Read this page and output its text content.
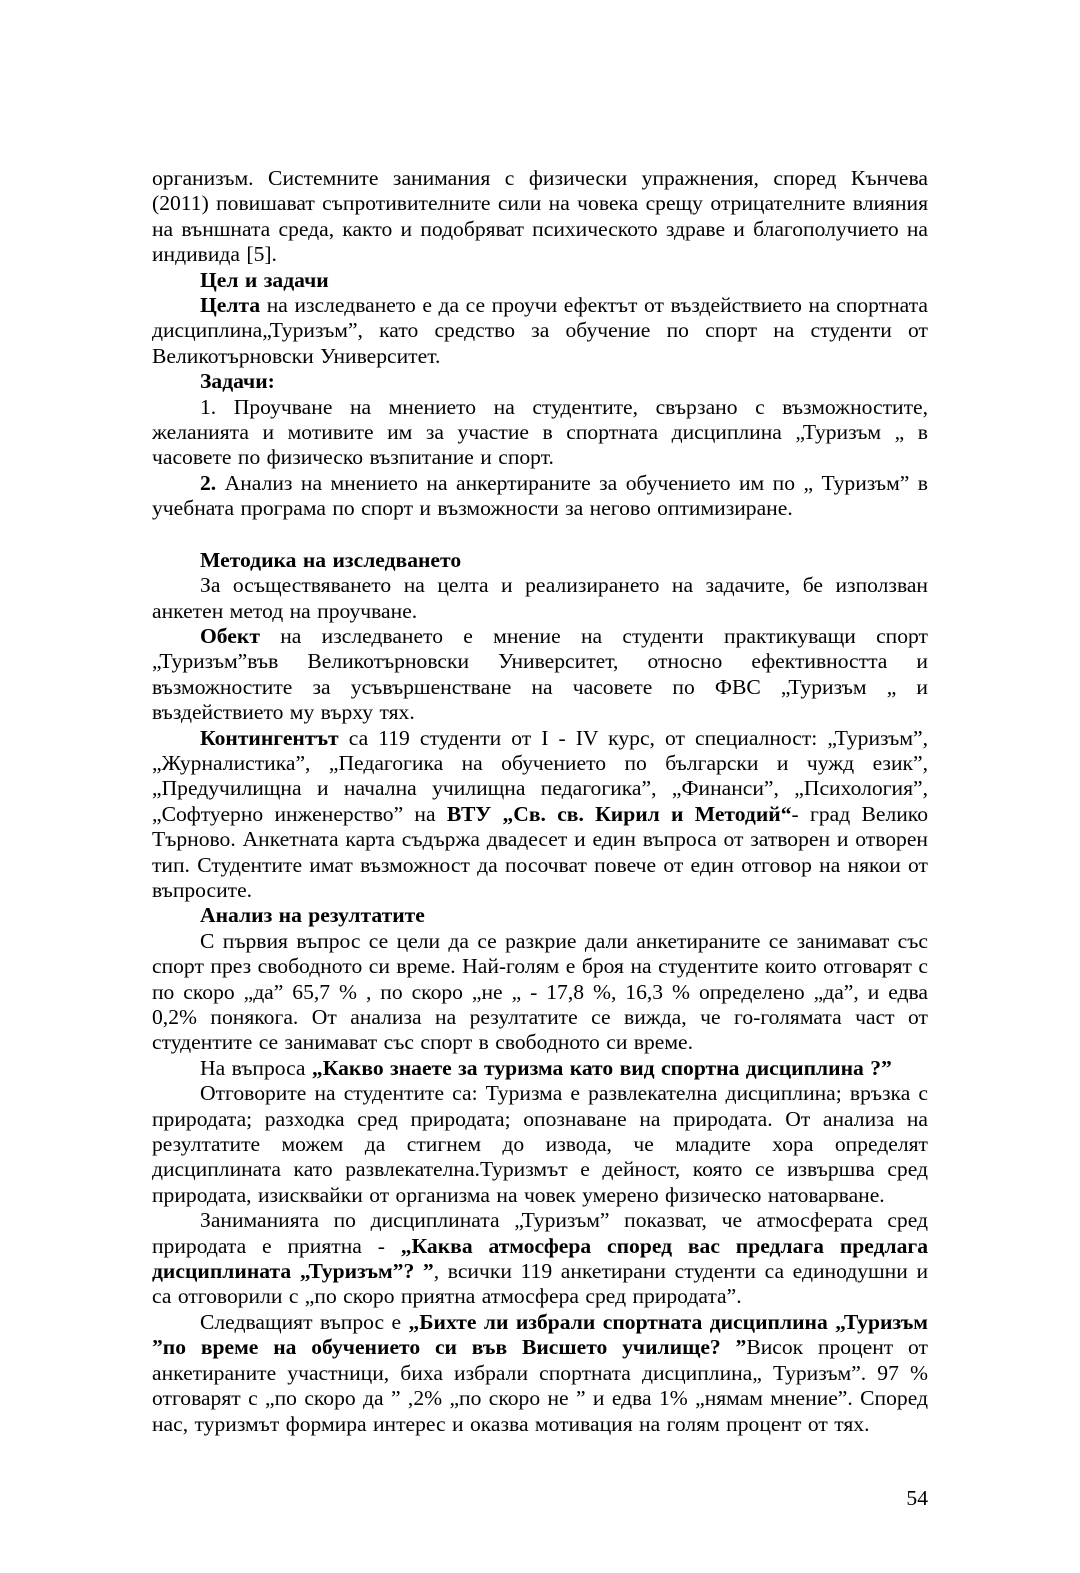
организъм. Системните занимания с физически упражнения, според Кънчева (2011) повишават съпротивителните сили на човека срещу отрицателните влияния на външната среда, както и подобряват психическото здраве и благополучието на индивида [5].

Цел и задачи

Целта на изследването е да се проучи ефектът от въздействието на спортната дисциплина„Туризъм”, като средство за обучение по спорт на студенти от Великотърновски Университет.

Задачи:

1. Проучване на мнението на студентите, свързано с възможностите, желанията и мотивите им за участие в спортната дисциплина „Туризъм „ в часовете по физическо възпитание и спорт.

2. Анализ на мнението на анкертираните за обучението им по „ Туризъм” в учебната програма по спорт и възможности за негово оптимизиране.

Методика на изследването

За осъществяването на целта и реализирането на задачите, бе използван анкетен метод на проучване.

Обект на изследването е мнение на студенти практикуващи спорт „Туризъм”във Великотърновски Университет, относно ефективността и възможностите за усъвършенстване на часовете по ФВС „Туризъм „ и въздействието му върху тях.

Контингентът са 119 студенти от I - IV курс, от специалност: „Туризъм”, „Журналистика”, „Педагогика на обучението по български и чужд език”, „Предучилищна и начална училищна педагогика”, „Финанси”, „Психология”, „Софтуерно инженерство” на ВТУ „Св. св. Кирил и Методий“- град Велико Търново. Анкетната карта съдържа двадесет и един въпроса от затворен и отворен тип. Студентите имат възможност да посочват повече от един отговор на някои от въпросите.

Анализ на резултатите

С първия въпрос се цели да се разкрие дали анкетираните се занимават със спорт през свободното си време. Най-голям е броя на студентите които отговарят с по скоро „да” 65,7 % , по скоро „не „ - 17,8 %, 16,3 % определено „да”, и едва 0,2% понякога. От анализа на резултатите се вижда, че го-голямата част от студентите се занимават със спорт в свободното си време.

На въпроса „Какво знаете за туризма като вид спортна дисциплина ?”

Отговорите на студентите са: Туризма е развлекателна дисциплина; връзка с природата; разходка сред природата; опознаване на природата. От анализа на резултатите можем да стигнем до извода, че младите хора определят дисциплината като развлекателна.Туризмът е дейност, която се извършва сред природата, изисквайки от организма на човек умерено физическо натоварване.

Заниманията по дисциплината „Туризъм” показват, че атмосферата сред природата е приятна - „Каква атмосфера според вас предлага предлага дисциплината „Туризъм”? ”, всички 119 анкетирани студенти са единодушни и са отговорили с „по скоро приятна атмосфера сред природата”.

Следващият въпрос е „Бихте ли избрали спортната дисциплина „Туризъм ”по време на обучението си във Висшето училище? ”Висок процент от анкетираните участници, биха избрали спортната дисциплина„ Туризъм”. 97 % отговарят с „по скоро да ” ,2% „по скоро не ” и едва 1% „нямам мнение”. Според нас, туризмът формира интерес и оказва мотивация на голям процент от тях.

54
